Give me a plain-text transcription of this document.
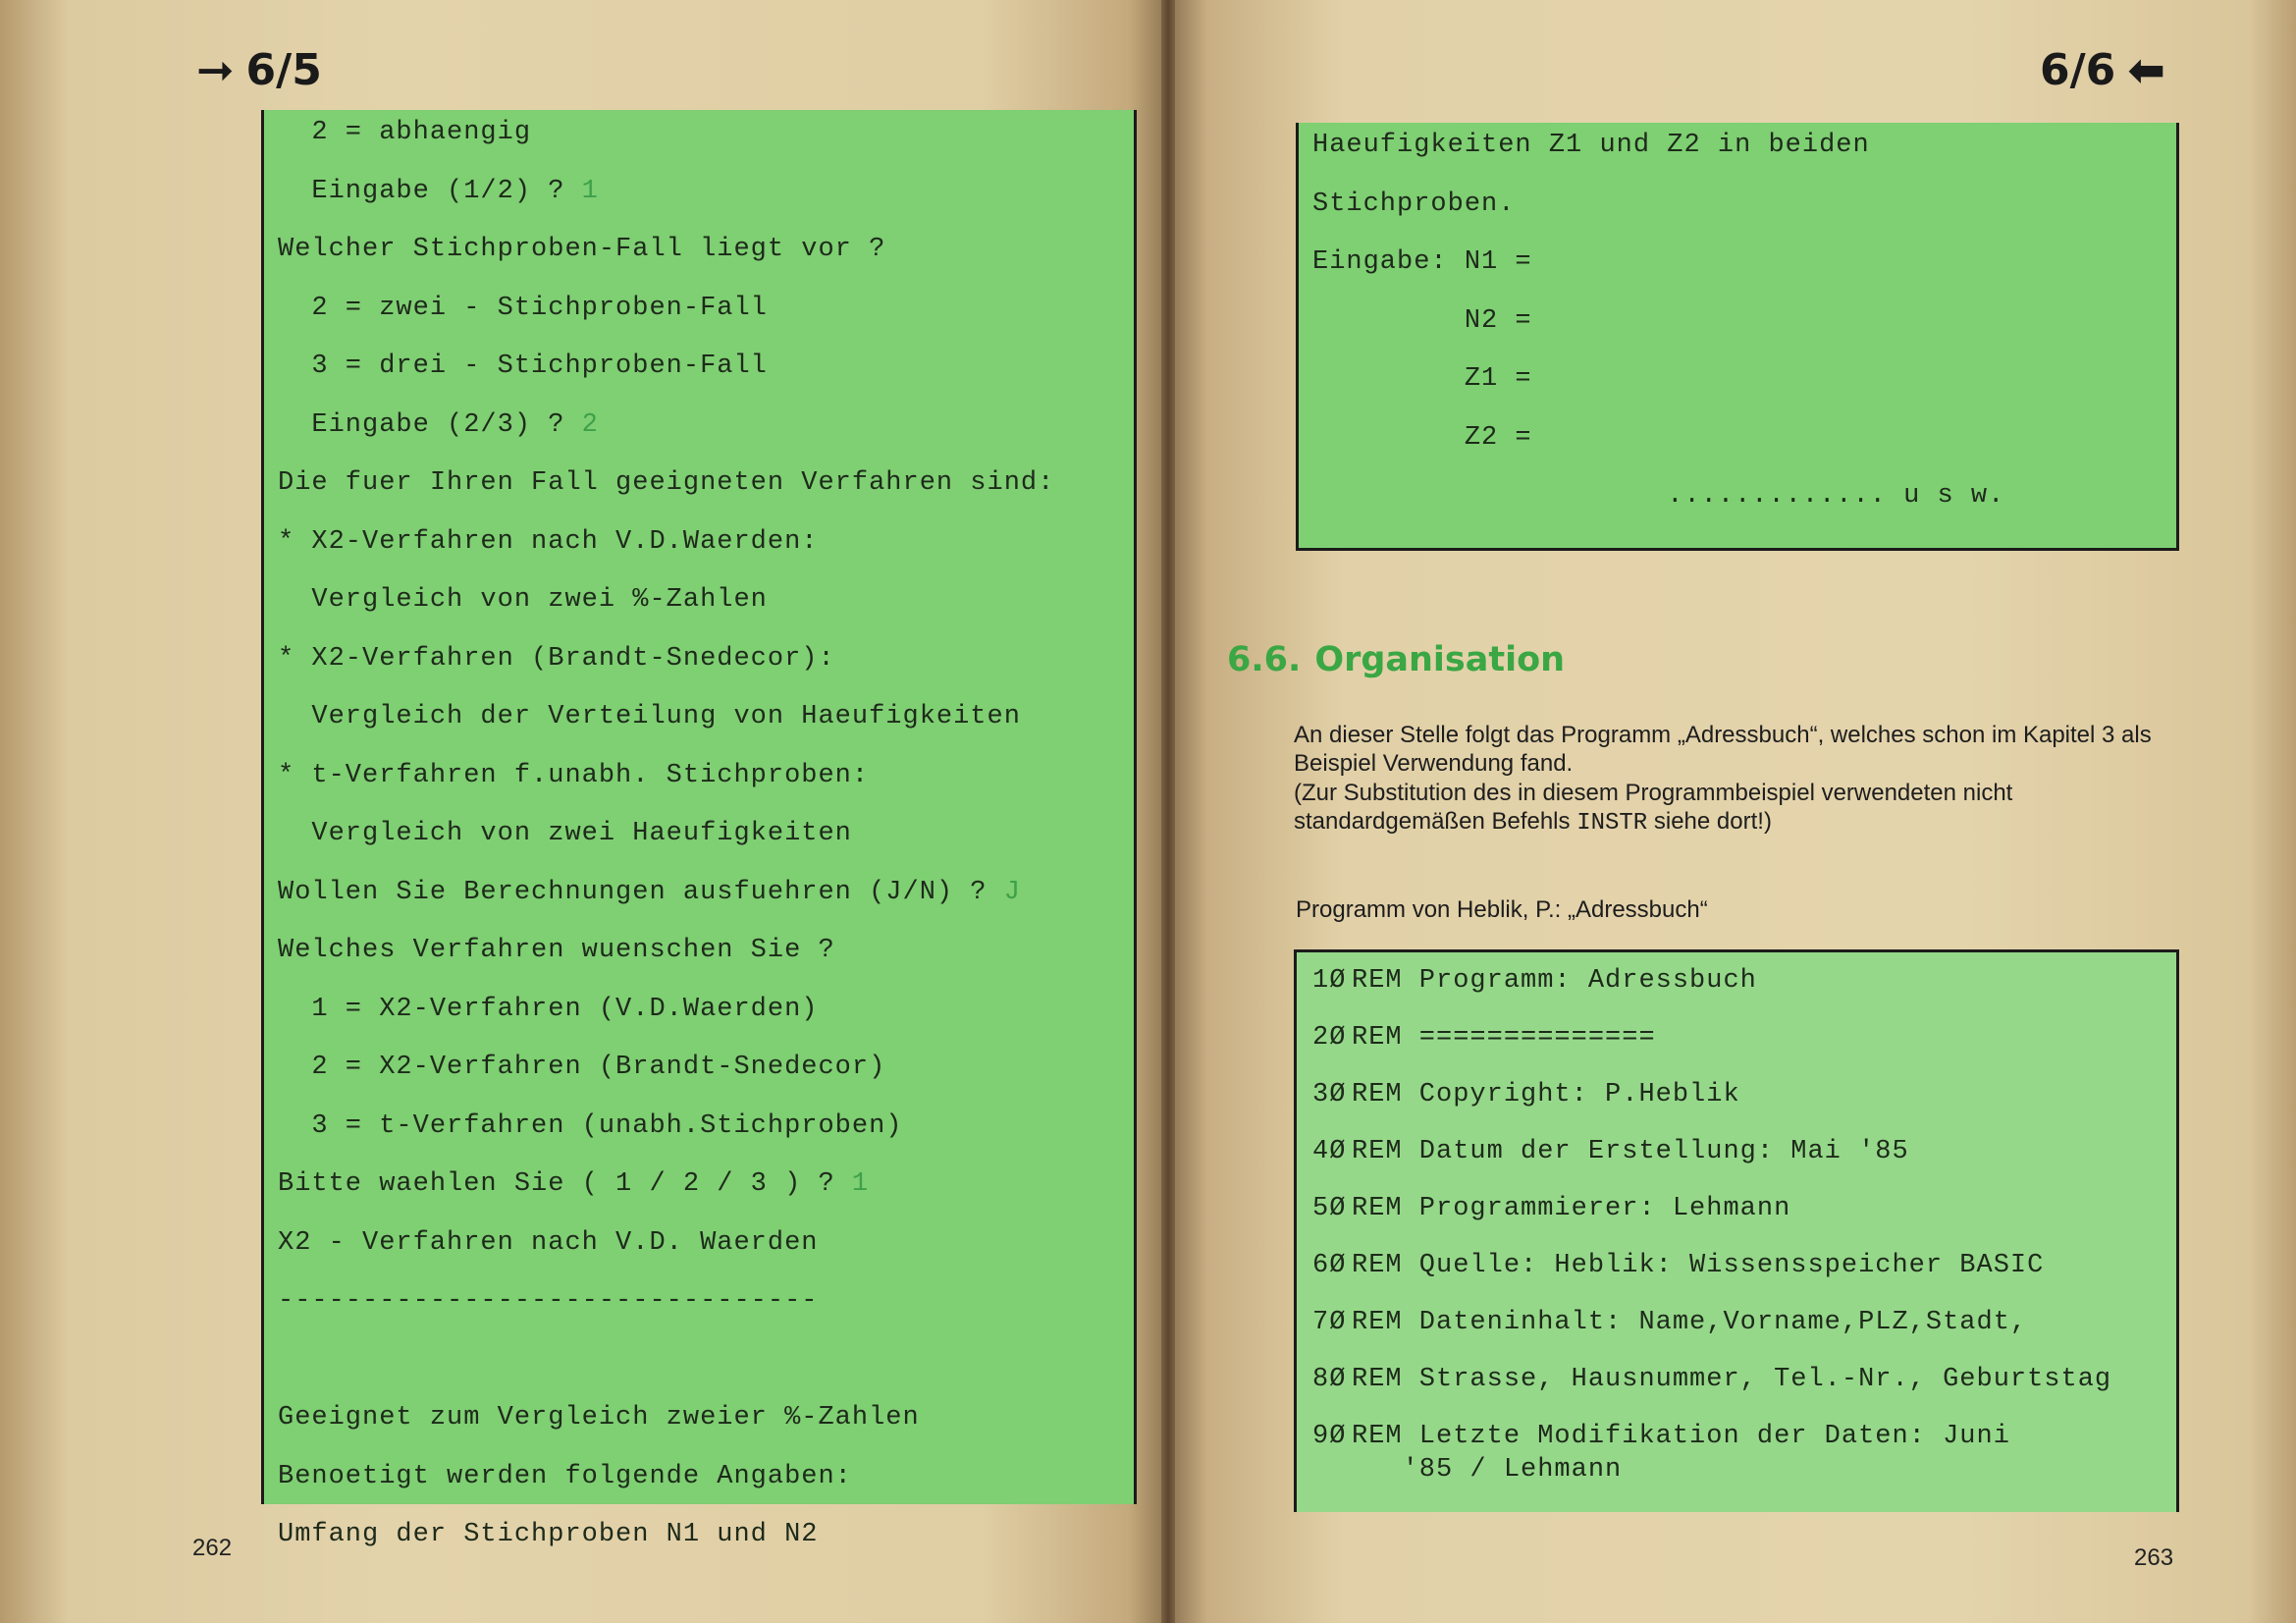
➞ 6/5
2 = abhaengig
Eingabe (1/2) ? 1
Welcher Stichproben-Fall liegt vor ?
2 = zwei - Stichproben-Fall
3 = drei - Stichproben-Fall
Eingabe (2/3) ? 2
Die fuer Ihren Fall geeigneten Verfahren sind:
* X2-Verfahren nach V.D.Waerden:
Vergleich von zwei %-Zahlen
* X2-Verfahren (Brandt-Snedecor):
Vergleich der Verteilung von Haeufigkeiten
* t-Verfahren f.unabh. Stichproben:
Vergleich von zwei Haeufigkeiten
Wollen Sie Berechnungen ausfuehren (J/N) ? J
Welches Verfahren wuenschen Sie ?
1 = X2-Verfahren (V.D.Waerden)
2 = X2-Verfahren (Brandt-Snedecor)
3 = t-Verfahren (unabh.Stichproben)
Bitte waehlen Sie ( 1 / 2 / 3 ) ? 1
X2 - Verfahren nach V.D. Waerden
--------------------------------
Geeignet zum Vergleich zweier %-Zahlen
Benoetigt werden folgende Angaben:
Umfang der Stichproben N1 und N2
262
6/6 ⬅
Haeufigkeiten Z1 und Z2 in beiden
Stichproben.
Eingabe: N1 =
N2 =
Z1 =
Z2 =
............. u s w.
6.6. Organisation
An dieser Stelle folgt das Programm „Adressbuch“, welches schon im Kapitel 3 als Beispiel Verwendung fand.
(Zur Substitution des in diesem Programmbeispiel verwendeten nicht standardgemäßen Befehls INSTR siehe dort!)
Programm von Heblik, P.: „Adressbuch“
1Ø REM Programm: Adressbuch
2Ø REM ==============
3Ø REM Copyright: P.Heblik
4Ø REM Datum der Erstellung: Mai '85
5Ø REM Programmierer: Lehmann
6Ø REM Quelle: Heblik: Wissensspeicher BASIC
7Ø REM Dateninhalt: Name,Vorname,PLZ,Stadt,
8Ø REM Strasse, Hausnummer, Tel.-Nr., Geburtstag
9Ø REM Letzte Modifikation der Daten: Juni
'85 / Lehmann
263
